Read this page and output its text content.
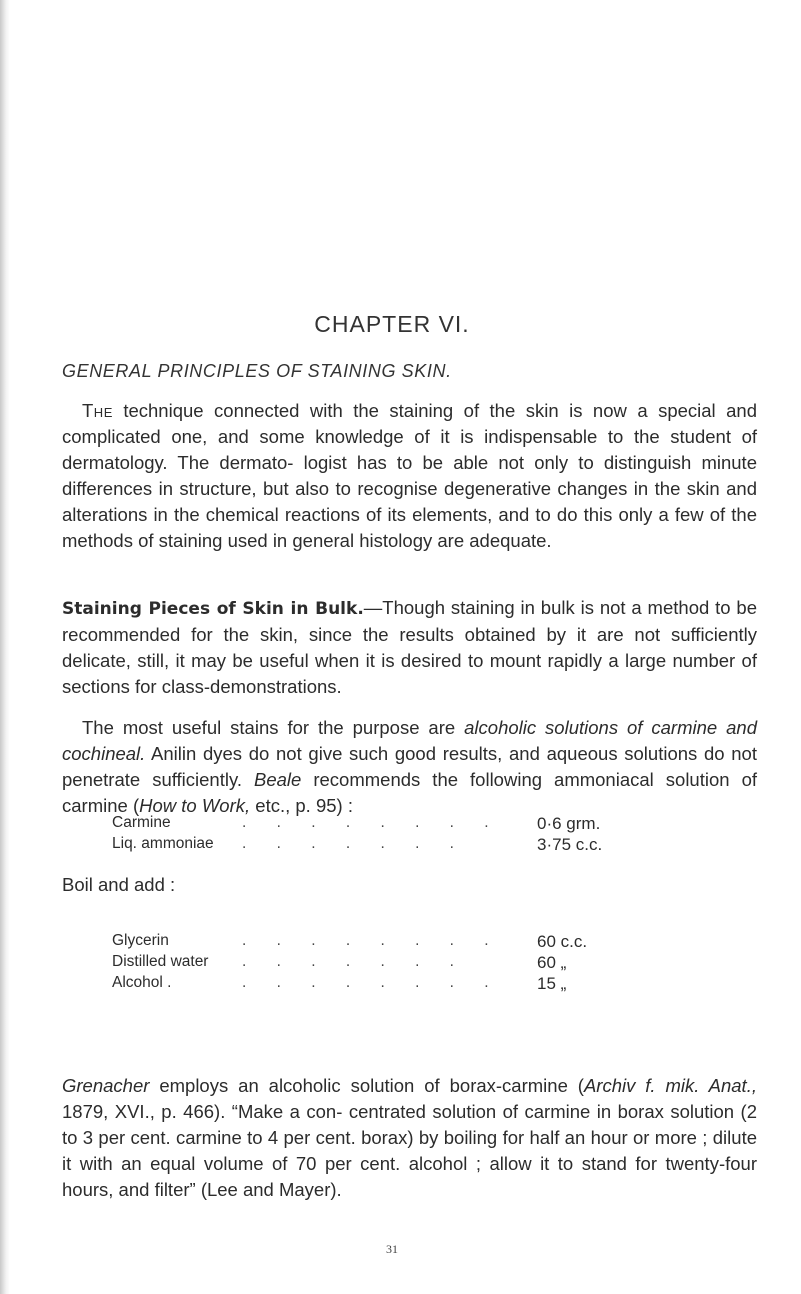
CHAPTER VI.
GENERAL PRINCIPLES OF STAINING SKIN.
The technique connected with the staining of the skin is now a special and complicated one, and some knowledge of it is indispensable to the student of dermatology. The dermato- logist has to be able not only to distinguish minute differences in structure, but also to recognise degenerative changes in the skin and alterations in the chemical reactions of its elements, and to do this only a few of the methods of staining used in general histology are adequate.
Staining Pieces of Skin in Bulk.—Though staining in bulk is not a method to be recommended for the skin, since the results obtained by it are not sufficiently delicate, still, it may be useful when it is desired to mount rapidly a large number of sections for class-demonstrations.
The most useful stains for the purpose are alcoholic solutions of carmine and cochineal. Anilin dyes do not give such good results, and aqueous solutions do not penetrate sufficiently. Beale recommends the following ammoniacal solution of carmine (How to Work, etc., p. 95) :
Carmine	. . . . . . . . 0·6 grm.
Liq. ammoniae . . . . . . .	3·75 c.c.
Boil and add :
Glycerin	. . . . . . . . 60 c.c.
Distilled water . . . . . . .	60 „
Alcohol .	. . . . . . . . 15 „
Grenacher employs an alcoholic solution of borax-carmine (Archiv f. mik. Anat., 1879, XVI., p. 466). “Make a con- centrated solution of carmine in borax solution (2 to 3 per cent. carmine to 4 per cent. borax) by boiling for half an hour or more ; dilute it with an equal volume of 70 per cent. alcohol ; allow it to stand for twenty-four hours, and filter” (Lee and Mayer).
31
